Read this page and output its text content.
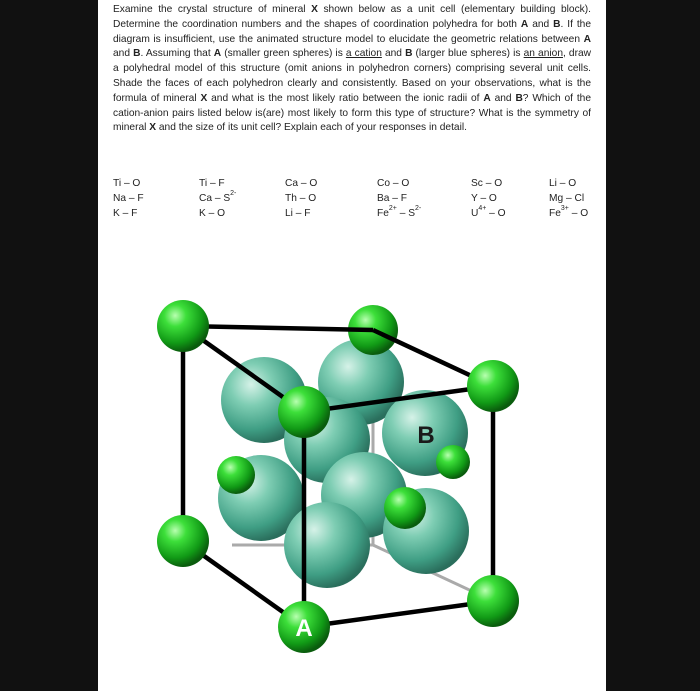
Examine the crystal structure of mineral X shown below as a unit cell (elementary building block). Determine the coordination numbers and the shapes of coordination polyhedra for both A and B. If the diagram is insufficient, use the animated structure model to elucidate the geometric relations between A and B. Assuming that A (smaller green spheres) is a cation and B (larger blue spheres) is an anion, draw a polyhedral model of this structure (omit anions in polyhedron corners) comprising several unit cells. Shade the faces of each polyhedron clearly and consistently. Based on your observations, what is the formula of mineral X and what is the most likely ratio between the ionic radii of A and B? Which of the cation-anion pairs listed below is(are) most likely to form this type of structure? What is the symmetry of mineral X and the size of its unit cell? Explain each of your responses in detail.
Ti – O
Na – F
K – F
Ti – F
Ca – $S^{2-}$
K – O
Ca – O
Th – O
Li – F
Co – O
Ba – F
$Fe^{2+} - S^{2-}$
Sc – O
Y – O
$U^{4+}$ – O
Li – O
Mg – Cl
$Fe^{3+}$ – O
B
A
